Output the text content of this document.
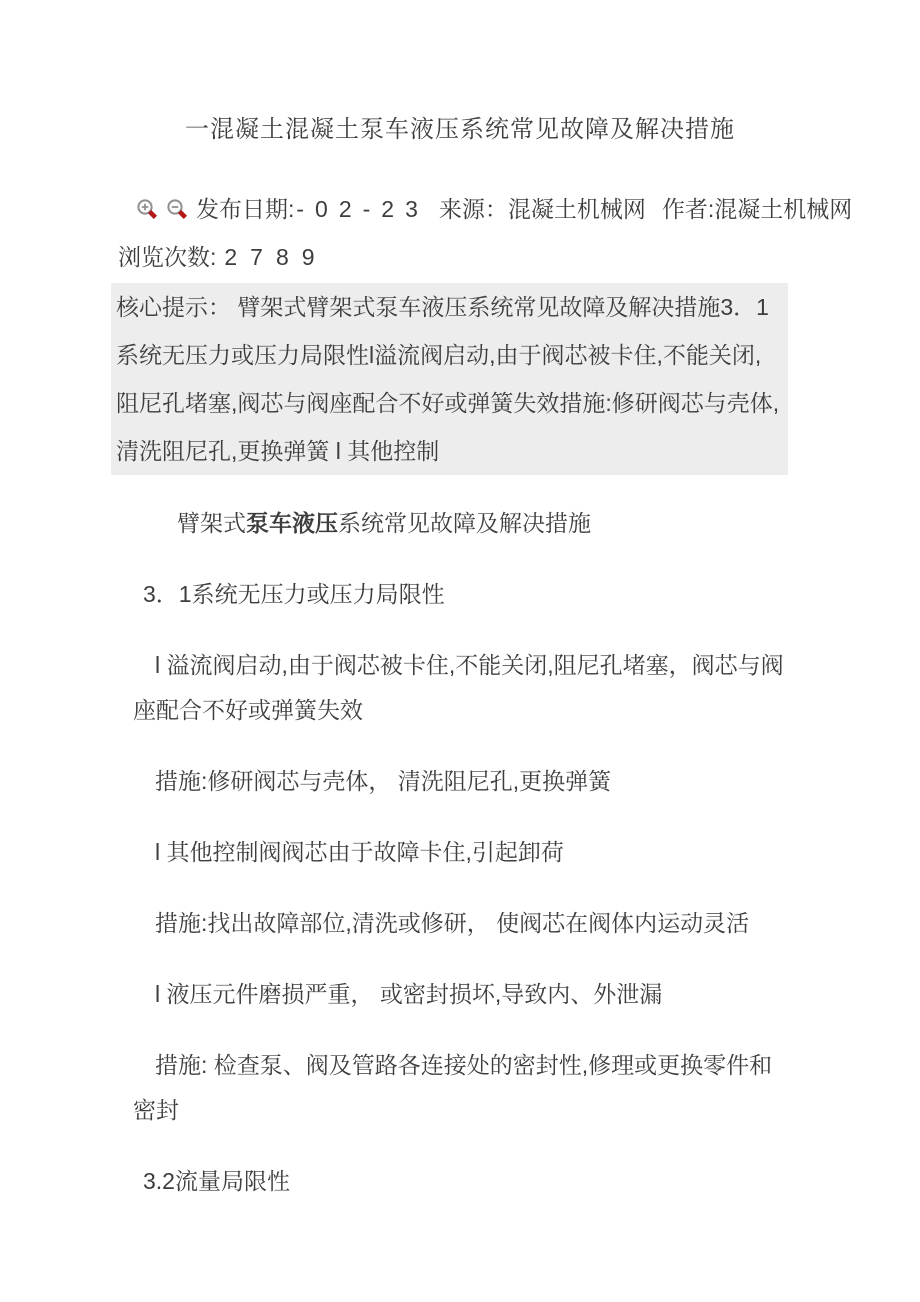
一混凝土混凝土泵车液压系统常见故障及解决措施
发布日期: -02-23 来源： 混凝土机械网 作者: 混凝土机械网
浏览次数: 2789
核心提示： 臂架式臂架式泵车液压系统常见故障及解决措施3．1系统无压力或压力局限性l溢流阀启动,由于阀芯被卡住,不能关闭,阻尼孔堵塞,阀芯与阀座配合不好或弹簧失效措施:修研阀芯与壳体,清洗阻尼孔,更换弹簧 l 其他控制

臂架式泵车液压系统常见故障及解决措施

3．1系统无压力或压力局限性

l 溢流阀启动,由于阀芯被卡住,不能关闭,阻尼孔堵塞，阀芯与阀座配合不好或弹簧失效

措施:修研阀芯与壳体， 清洗阻尼孔,更换弹簧

l 其他控制阀阀芯由于故障卡住,引起卸荷

措施:找出故障部位,清洗或修研， 使阀芯在阀体内运动灵活

l 液压元件磨损严重， 或密封损坏,导致内、外泄漏

措施: 检查泵、阀及管路各连接处的密封性,修理或更换零件和密封

3.2流量局限性
